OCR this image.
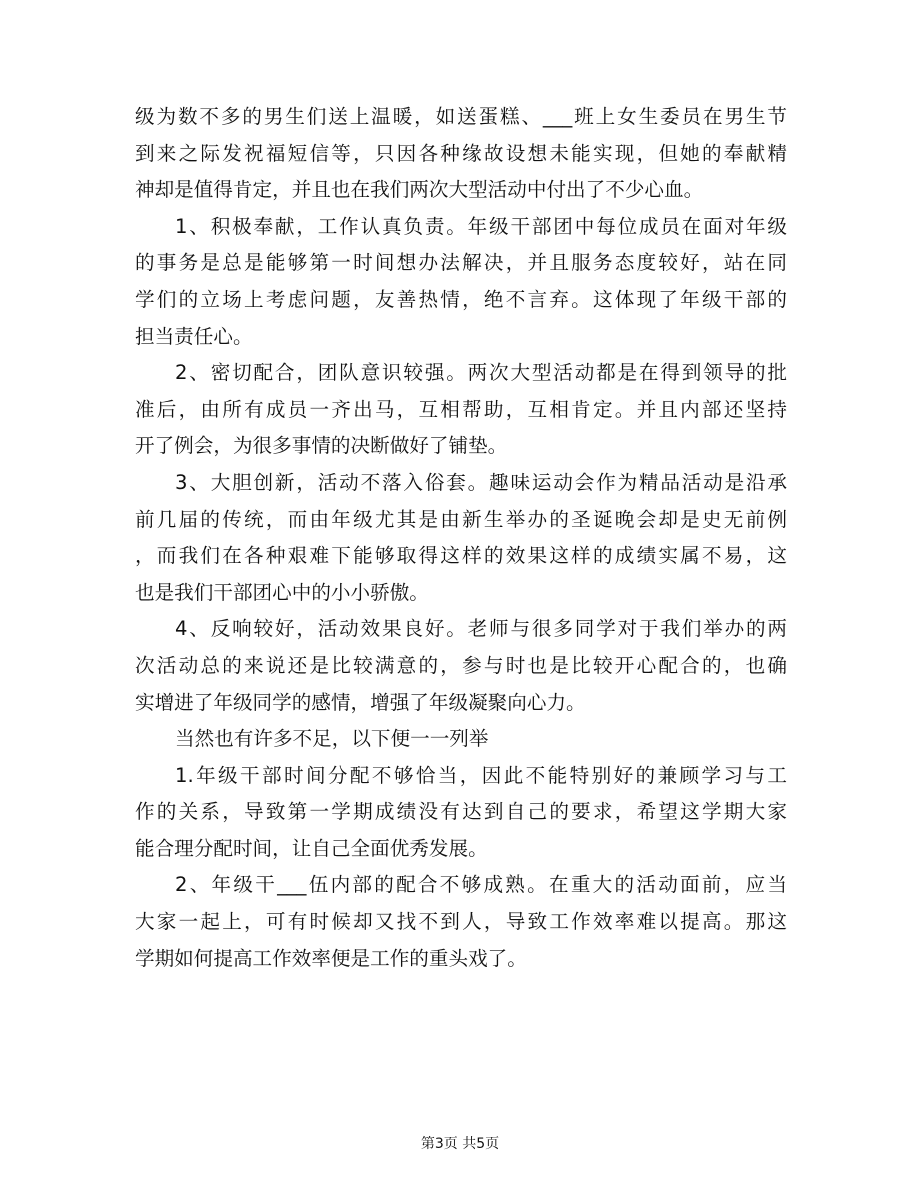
级为数不多的男生们送上温暖，如送蛋糕、___班上女生委员在男生节
到来之际发祝福短信等，只因各种缘故设想未能实现，但她的奉献精
神却是值得肯定，并且也在我们两次大型活动中付出了不少心血。
1、积极奉献，工作认真负责。年级干部团中每位成员在面对年级
的事务是总是能够第一时间想办法解决，并且服务态度较好，站在同
学们的立场上考虑问题，友善热情，绝不言弃。这体现了年级干部的
担当责任心。
2、密切配合，团队意识较强。两次大型活动都是在得到领导的批
准后，由所有成员一齐出马，互相帮助，互相肯定。并且内部还坚持
开了例会，为很多事情的决断做好了铺垫。
3、大胆创新，活动不落入俗套。趣味运动会作为精品活动是沿承
前几届的传统，而由年级尤其是由新生举办的圣诞晚会却是史无前例
，而我们在各种艰难下能够取得这样的效果这样的成绩实属不易，这
也是我们干部团心中的小小骄傲。
4、反响较好，活动效果良好。老师与很多同学对于我们举办的两
次活动总的来说还是比较满意的，参与时也是比较开心配合的，也确
实增进了年级同学的感情，增强了年级凝聚向心力。
当然也有许多不足，以下便一一列举
1.年级干部时间分配不够恰当，因此不能特别好的兼顾学习与工
作的关系，导致第一学期成绩没有达到自己的要求，希望这学期大家
能合理分配时间，让自己全面优秀发展。
2、年级干___伍内部的配合不够成熟。在重大的活动面前，应当
大家一起上，可有时候却又找不到人，导致工作效率难以提高。那这
学期如何提高工作效率便是工作的重头戏了。
第3页 共5页
